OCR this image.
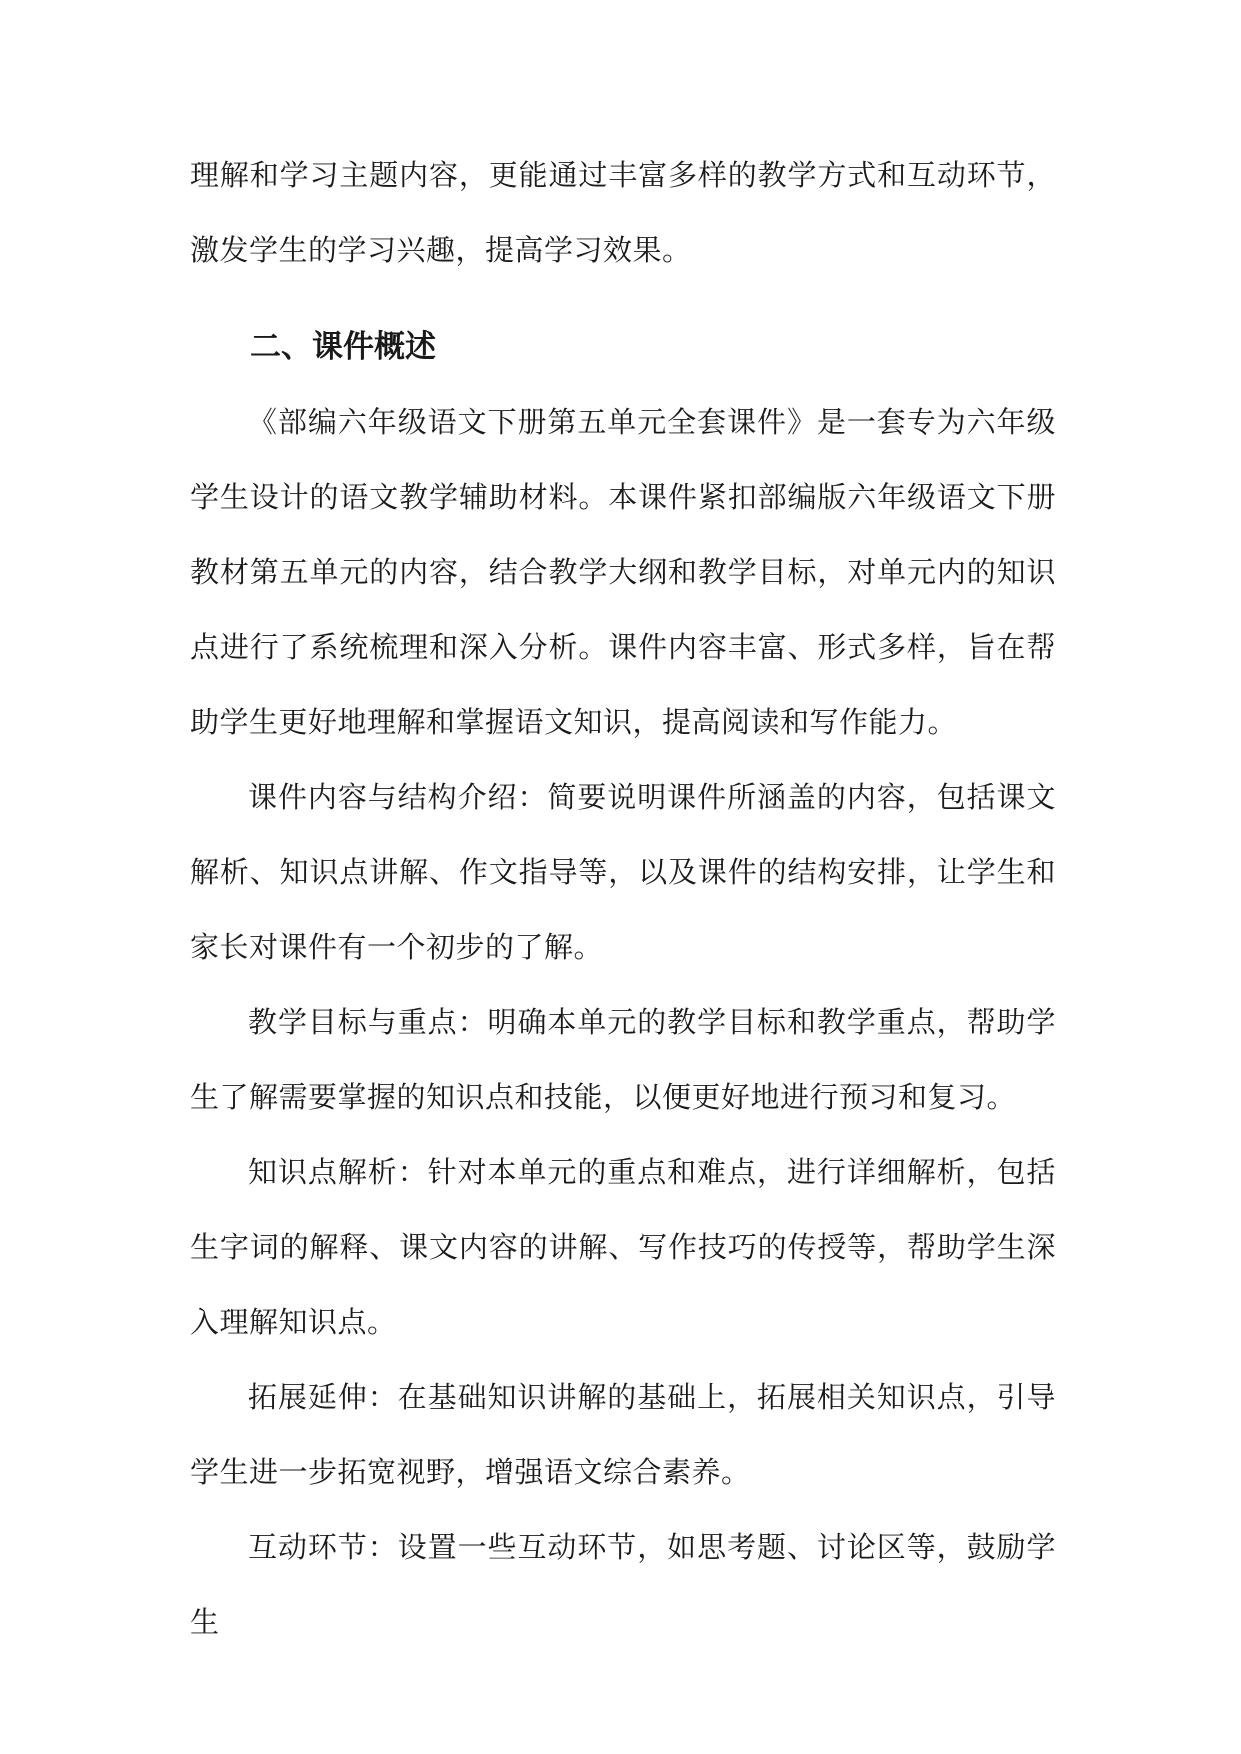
理解和学习主题内容，更能通过丰富多样的教学方式和互动环节，激发学生的学习兴趣，提高学习效果。

二、课件概述

《部编六年级语文下册第五单元全套课件》是一套专为六年级学生设计的语文教学辅助材料。本课件紧扣部编版六年级语文下册教材第五单元的内容，结合教学大纲和教学目标，对单元内的知识点进行了系统梳理和深入分析。课件内容丰富、形式多样，旨在帮助学生更好地理解和掌握语文知识，提高阅读和写作能力。

课件内容与结构介绍：简要说明课件所涵盖的内容，包括课文解析、知识点讲解、作文指导等，以及课件的结构安排，让学生和家长对课件有一个初步的了解。

教学目标与重点：明确本单元的教学目标和教学重点，帮助学生了解需要掌握的知识点和技能，以便更好地进行预习和复习。

知识点解析：针对本单元的重点和难点，进行详细解析，包括生字词的解释、课文内容的讲解、写作技巧的传授等，帮助学生深入理解知识点。

拓展延伸：在基础知识讲解的基础上，拓展相关知识点，引导学生进一步拓宽视野，增强语文综合素养。

互动环节：设置一些互动环节，如思考题、讨论区等，鼓励学生
